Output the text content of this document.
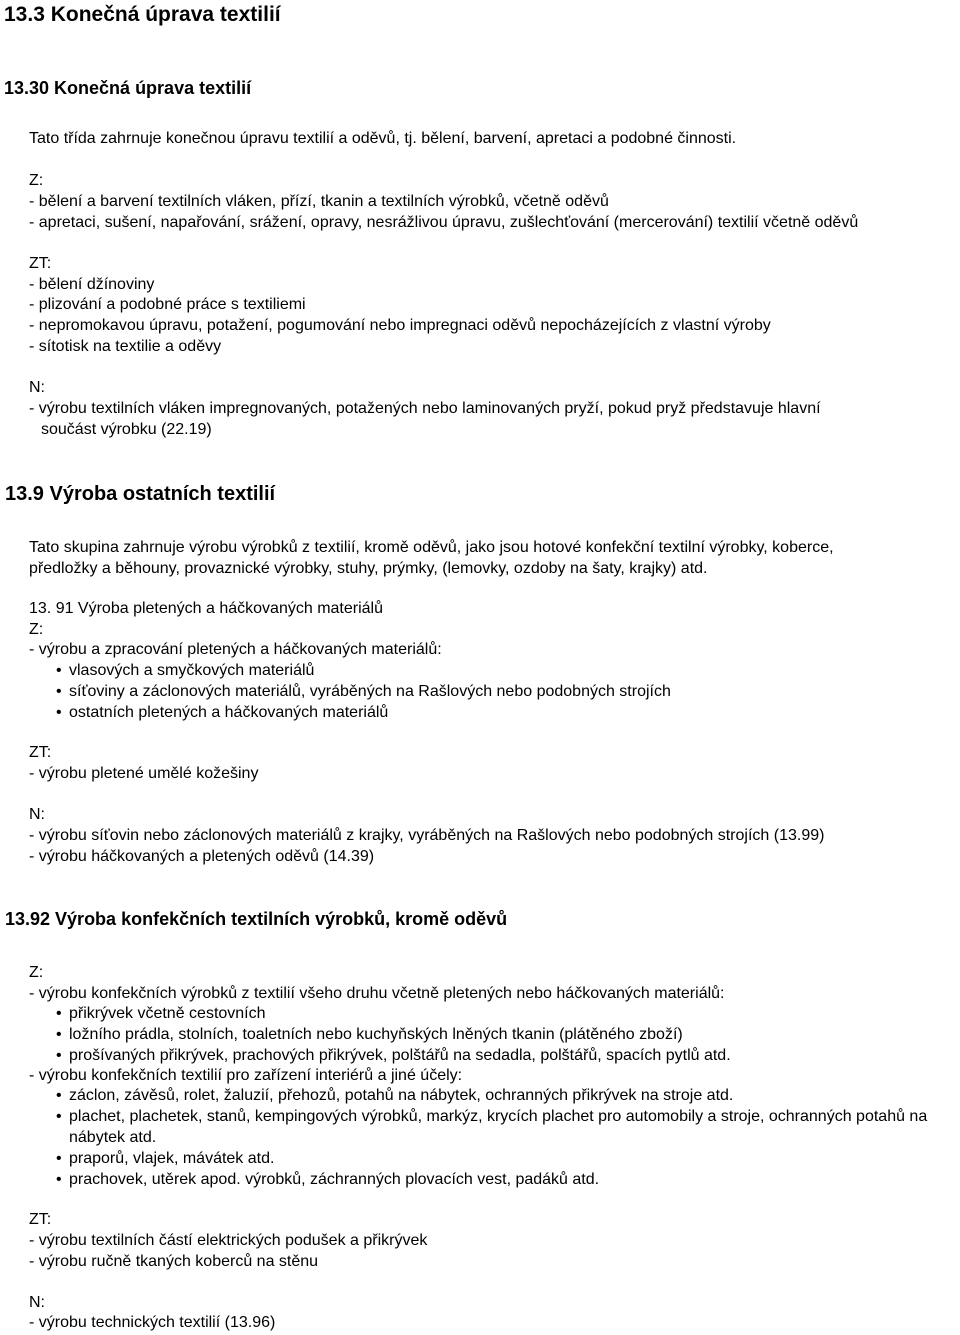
13.3 Konečná úprava textilií
13.30 Konečná úprava textilií
Tato třída zahrnuje konečnou úpravu textilií a oděvů, tj. bělení, barvení, apretaci a podobné činnosti.
Z:
- bělení a barvení textilních vláken, přízí, tkanin a textilních výrobků, včetně oděvů
- apretaci, sušení, napařování, srážení, opravy, nesrážlivou úpravu, zušlechťování (mercerování) textilií včetně oděvů
ZT:
- bělení džínoviny
- plizování a podobné práce s textiliemi
- nepromokavou úpravu, potažení, pogumování nebo impregnaci oděvů nepocházejících z vlastní výroby
- sítotisk na textilie a oděvy
N:
- výrobu textilních vláken impregnovaných, potažených nebo laminovaných pryží, pokud pryž představuje hlavní
součást výrobku (22.19)
13.9 Výroba ostatních textilií
Tato skupina zahrnuje výrobu výrobků z textilií, kromě oděvů, jako jsou hotové konfekční textilní výrobky, koberce,
předložky a běhouny, provaznické výrobky, stuhy, prýmky, (lemovky, ozdoby na šaty, krajky) atd.
13. 91 Výroba pletených a háčkovaných materiálů
Z:
- výrobu a zpracování pletených a háčkovaných materiálů:
• vlasových a smyčkových materiálů
• síťoviny a záclonových materiálů, vyráběných na Rašlových nebo podobných strojích
• ostatních pletených a háčkovaných materiálů
ZT:
- výrobu pletené umělé kožešiny
N:
- výrobu síťovin nebo záclonových materiálů z krajky, vyráběných na Rašlových nebo podobných strojích (13.99)
- výrobu háčkovaných a pletených oděvů (14.39)
13.92 Výroba konfekčních textilních výrobků, kromě oděvů
Z:
- výrobu konfekčních výrobků z textilií všeho druhu včetně pletených nebo háčkovaných materiálů:
• přikrývek včetně cestovních
• ložního prádla, stolních, toaletních nebo kuchyňských lněných tkanin (plátěného zboží)
• prošívaných přikrývek, prachových přikrývek, polštářů na sedadla, polštářů, spacích pytlů atd.
- výrobu konfekčních textilií pro zařízení interiérů a jiné účely:
• záclon, závěsů, rolet, žaluzií, přehozů, potahů na nábytek, ochranných přikrývek na stroje atd.
• plachet, plachetek, stanů, kempingových výrobků, markýz, krycích plachet pro automobily a stroje, ochranných potahů na nábytek atd.
• praporů, vlajek, mávátek atd.
• prachovek, utěrek apod. výrobků, záchranných plovacích vest, padáků atd.
ZT:
- výrobu textilních částí elektrických podušek a přikrývek
- výrobu ručně tkaných koberců na stěnu
N:
- výrobu technických textilií (13.96)
